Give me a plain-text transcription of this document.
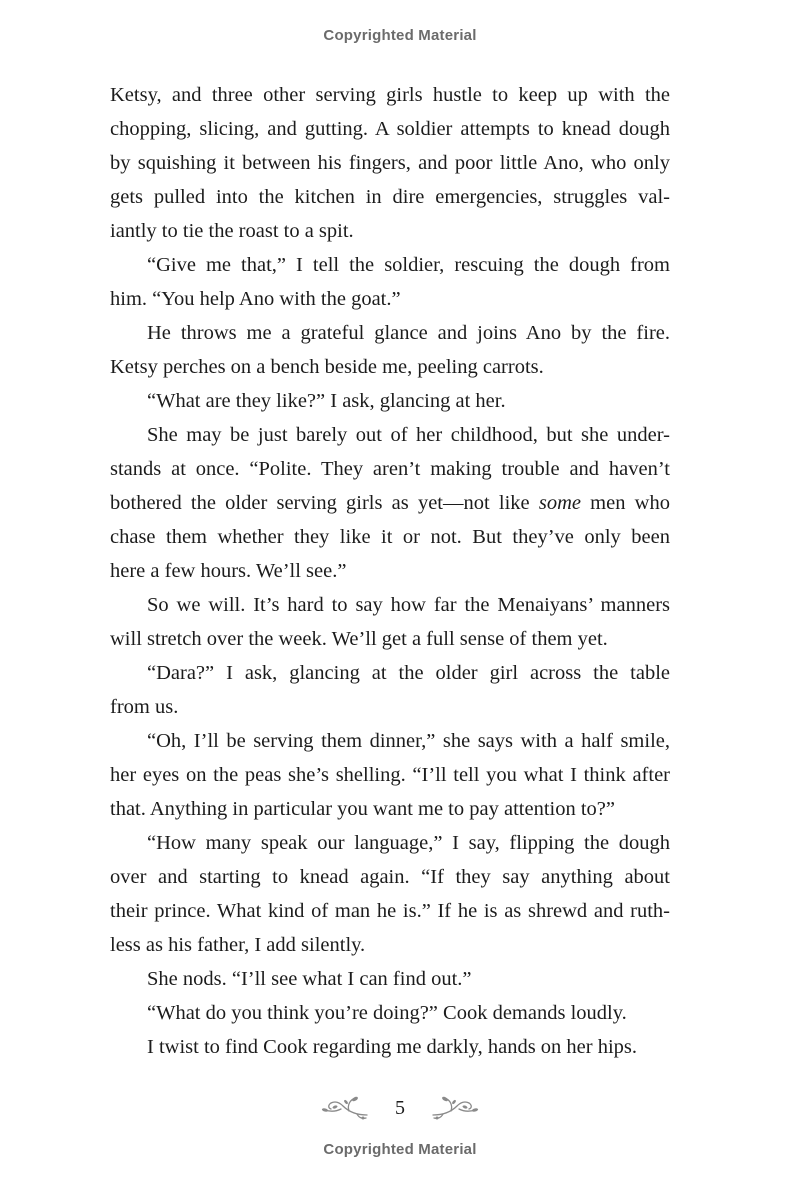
Copyrighted Material
Ketsy, and three other serving girls hustle to keep up with the
chopping, slicing, and gutting. A soldier attempts to knead dough
by squishing it between his fingers, and poor little Ano, who only
gets pulled into the kitchen in dire emergencies, struggles val-
iantly to tie the roast to a spit.
“Give me that,” I tell the soldier, rescuing the dough from
him. “You help Ano with the goat.”
He throws me a grateful glance and joins Ano by the fire.
Ketsy perches on a bench beside me, peeling carrots.
“What are they like?” I ask, glancing at her.
She may be just barely out of her childhood, but she under-
stands at once. “Polite. They aren’t making trouble and haven’t
bothered the older serving girls as yet—not like some men who
chase them whether they like it or not. But they’ve only been
here a few hours. We’ll see.”
So we will. It’s hard to say how far the Menaiyans’ manners
will stretch over the week. We’ll get a full sense of them yet.
“Dara?” I ask, glancing at the older girl across the table
from us.
“Oh, I’ll be serving them dinner,” she says with a half smile,
her eyes on the peas she’s shelling. “I’ll tell you what I think after
that. Anything in particular you want me to pay attention to?”
“How many speak our language,” I say, flipping the dough
over and starting to knead again. “If they say anything about
their prince. What kind of man he is.” If he is as shrewd and ruth-
less as his father, I add silently.
She nods. “I’ll see what I can find out.”
“What do you think you’re doing?” Cook demands loudly.
I twist to find Cook regarding me darkly, hands on her hips.
5
Copyrighted Material
